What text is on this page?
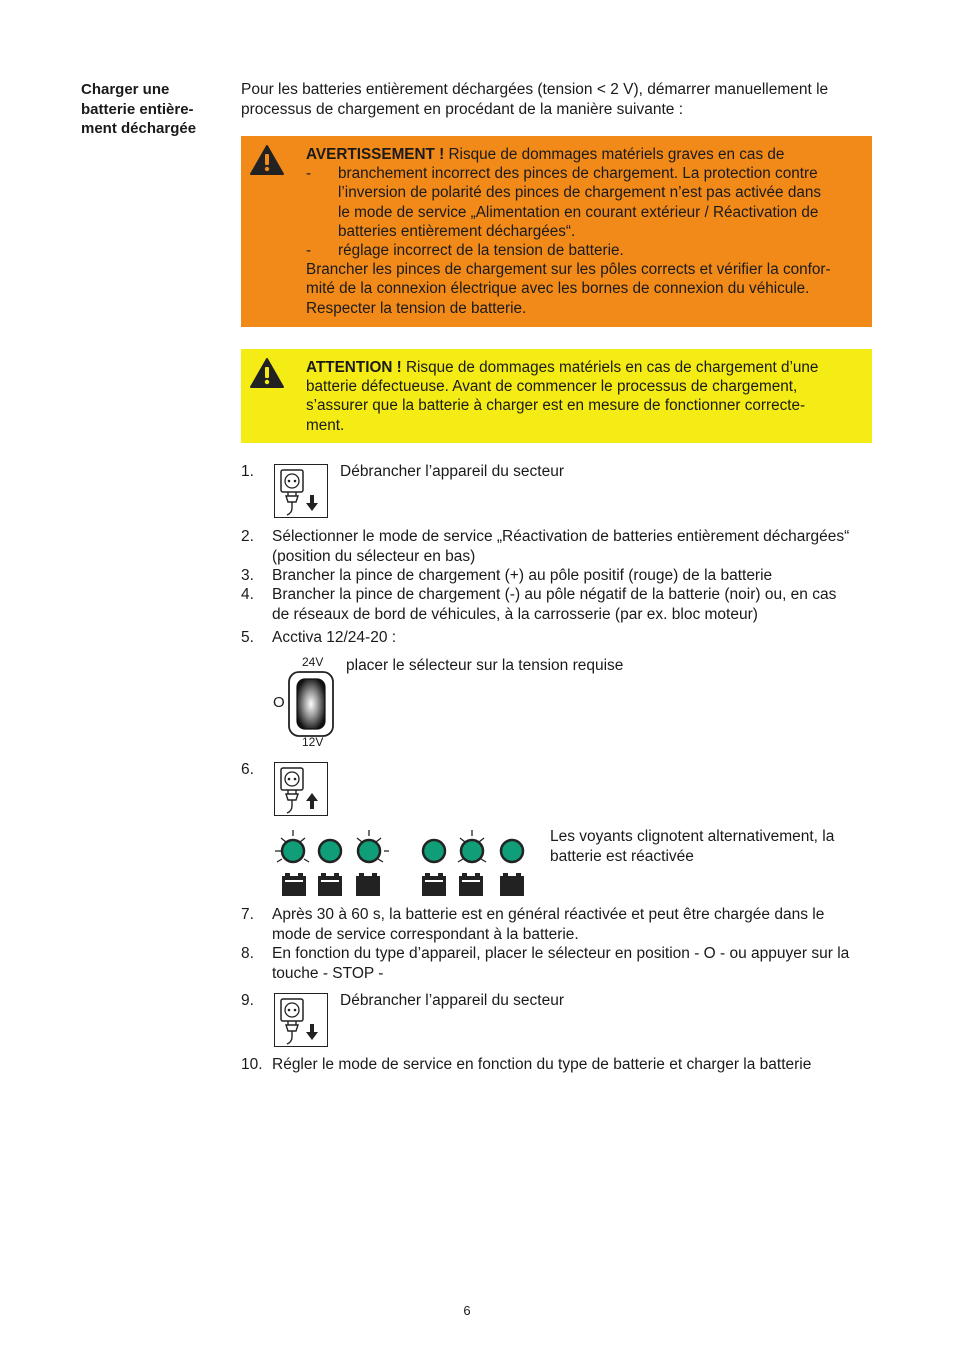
Charger une
batterie entière-
ment déchargée
Pour les batteries entièrement déchargées (tension < 2 V), démarrer manuellement le
processus de chargement en procédant de la manière suivante :
AVERTISSEMENT ! Risque de dommages matériels graves en cas de
-	branchement incorrect des pinces de chargement. La protection contre
l’inversion de polarité des pinces de chargement n’est pas activée dans
le mode de service „Alimentation en courant extérieur / Réactivation de
batteries entièrement déchargées“.
-	réglage incorrect de la tension de batterie.
Brancher les pinces de chargement sur les pôles corrects et vérifier la confor-
mité de la connexion électrique avec les bornes de connexion du véhicule.
Respecter la tension de batterie.
ATTENTION ! Risque de dommages matériels en cas de chargement d’une
batterie défectueuse. Avant de commencer le processus de chargement,
s’assurer que la batterie à charger est en mesure de fonctionner correcte-
ment.
1.	Débrancher l’appareil du secteur
2. Sélectionner le mode de service „Réactivation de batteries entièrement déchargées“
(position du sélecteur en bas)
3. Brancher la pince de chargement (+) au pôle positif (rouge) de la batterie
4. Brancher la pince de chargement (-) au pôle négatif de la batterie (noir) ou, en cas
de réseaux de bord de véhicules, à la carrosserie (par ex. bloc moteur)
5. Acctiva 12/24-20 :
24V
O
12V
placer le sélecteur sur la tension requise
6.
Les voyants clignotent alternativement, la
batterie est réactivée
7. Après 30 à 60 s, la batterie est en général réactivée et peut être chargée dans le
mode de service correspondant à la batterie.
8. En fonction du type d’appareil, placer le sélecteur en position - O - ou appuyer sur la
touche - STOP -
9.	Débrancher l’appareil du secteur
10. Régler le mode de service en fonction du type de batterie et charger la batterie
6
